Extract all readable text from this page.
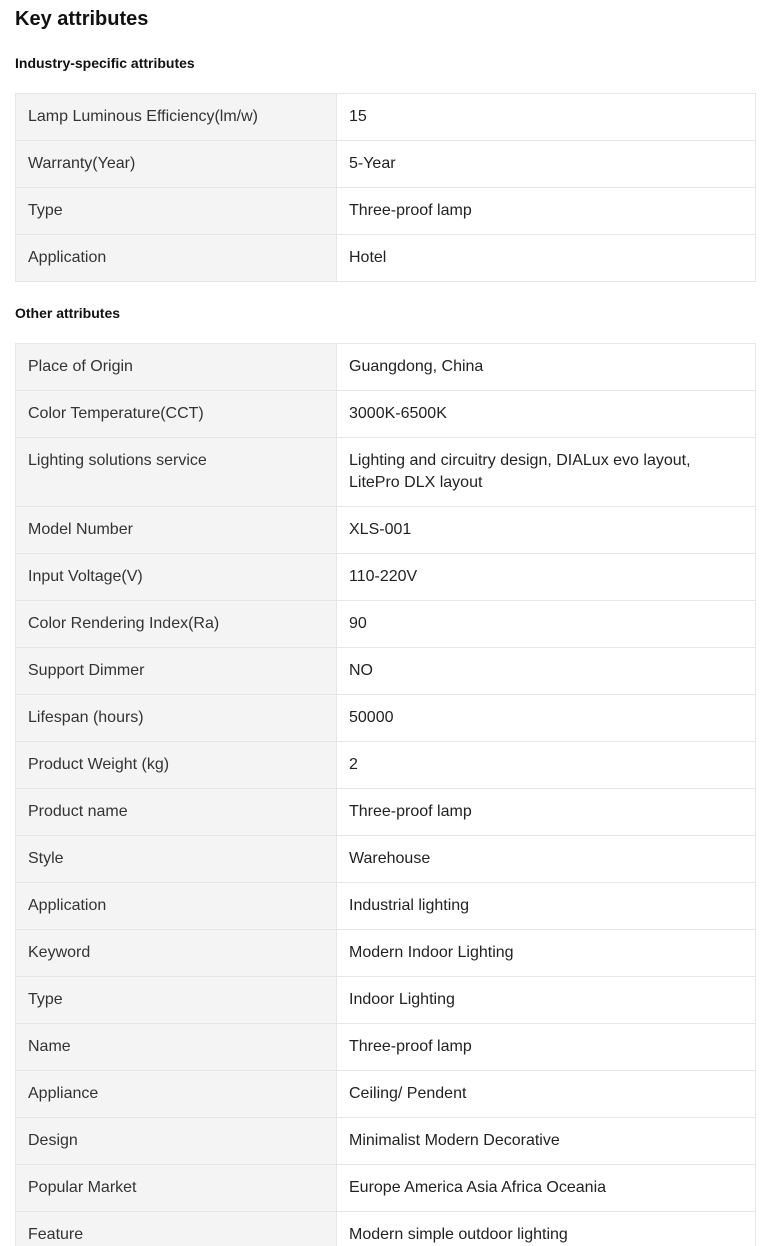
Key attributes
Industry-specific attributes
Lamp Luminous Efficiency(lm/w)	15
Warranty(Year)	5-Year
Type	Three-proof lamp
Application	Hotel
Other attributes
Place of Origin	Guangdong, China
Color Temperature(CCT)	3000K-6500K
Lighting solutions service	Lighting and circuitry design, DIALux evo layout, LitePro DLX layout
Model Number	XLS-001
Input Voltage(V)	110-220V
Color Rendering Index(Ra)	90
Support Dimmer	NO
Lifespan (hours)	50000
Product Weight (kg)	2
Product name	Three-proof lamp
Style	Warehouse
Application	Industrial lighting
Keyword	Modern Indoor Lighting
Type	Indoor Lighting
Name	Three-proof lamp
Appliance	Ceiling/ Pendent
Design	Minimalist Modern Decorative
Popular Market	Europe America Asia Africa Oceania
Feature	Modern simple outdoor lighting
